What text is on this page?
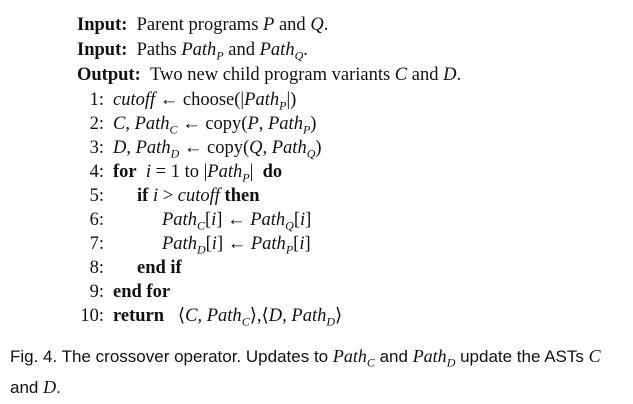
Input:  Parent programs P and Q.
Input:  Paths Path$_P$ and Path$_Q$.
Output:  Two new child program variants C and D.
1: cutoff ← choose(|Path$_P$|)
2: C, Path$_C$ ← copy(P, Path$_P$)
3: D, Path$_D$ ← copy(Q, Path$_Q$)
4: for i = 1 to |Path$_P$|  do
5: if i > cutoff then
6:	Path$_C$[i] ← Path$_Q$[i]
7:	Path$_D$[i] ← Path$_P$[i]
8: end if
9: end for
10: return   ⟨C, Path$_C$⟩,⟨D, Path$_D$⟩
Fig. 4. The crossover operator. Updates to Path$_C$ and Path$_D$ update the ASTs C and D.
